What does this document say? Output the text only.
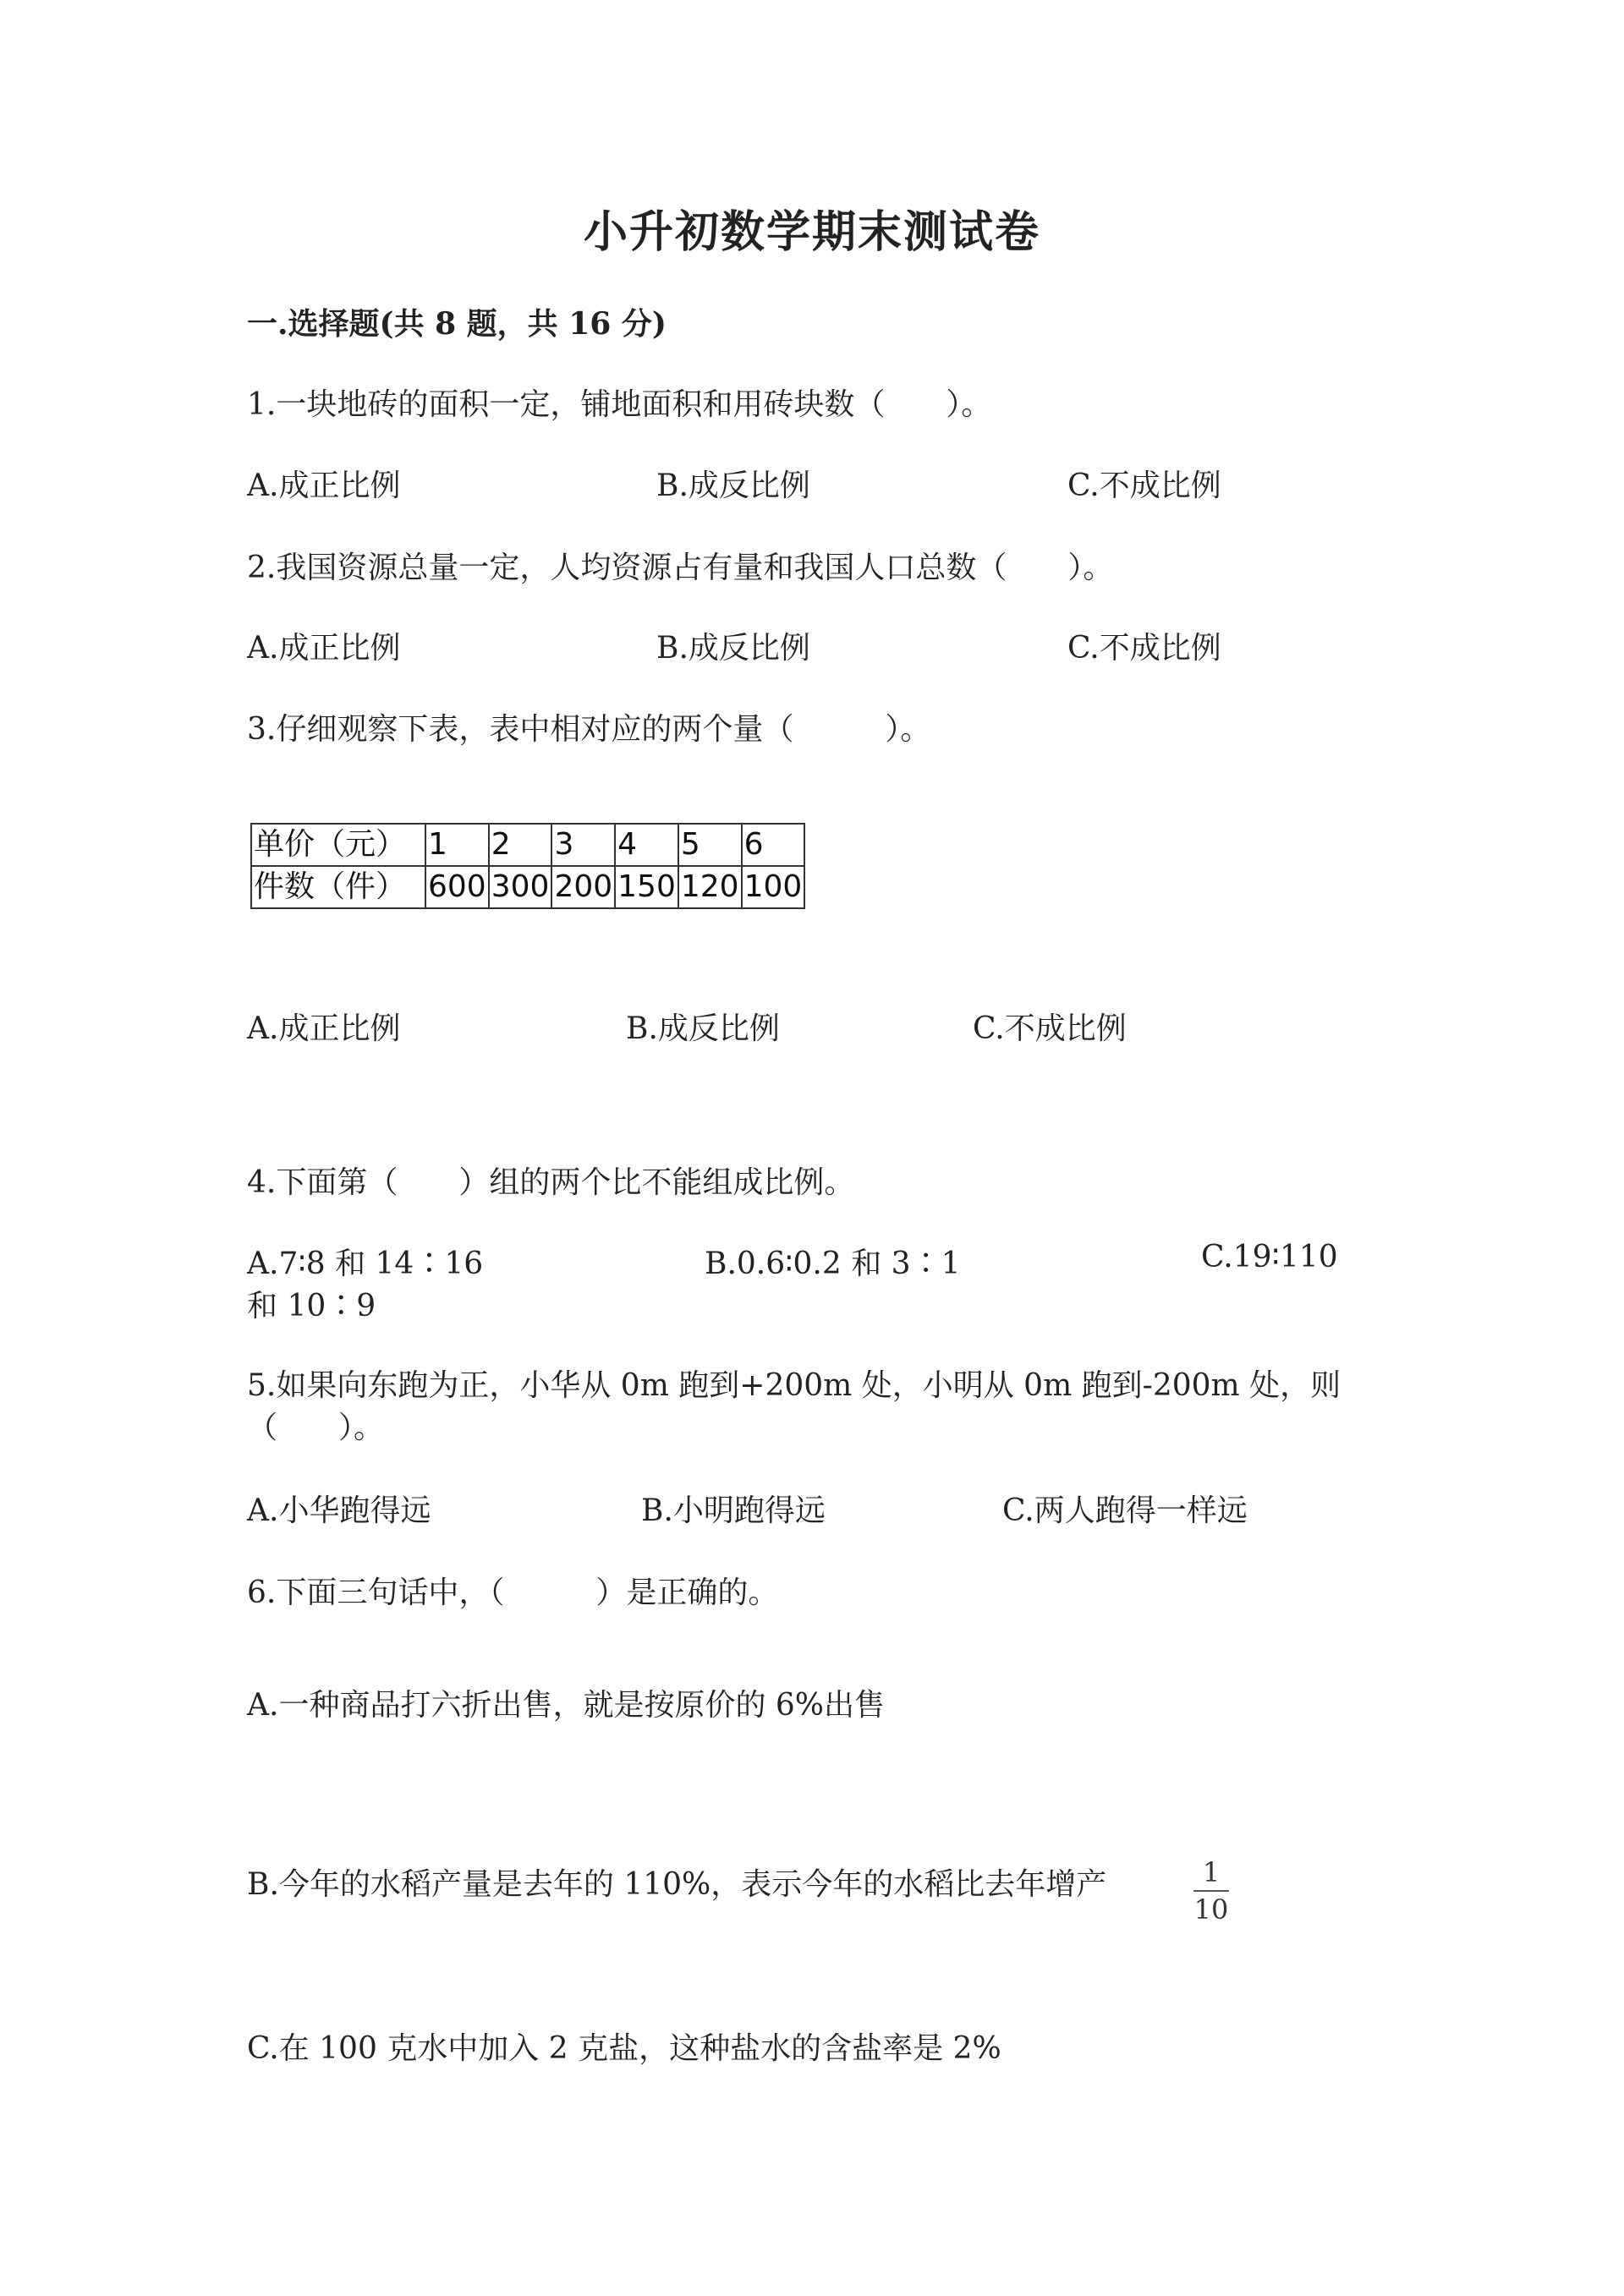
小升初数学期末测试卷
一.选择题(共 8 题，共 16 分)
1.一块地砖的面积一定，铺地面积和用砖块数（　　）。
A.成正比例	B.成反比例	C.不成比例
2.我国资源总量一定，人均资源占有量和我国人口总数（　　）。
A.成正比例	B.成反比例	C.不成比例
3.仔细观察下表，表中相对应的两个量（　　　）。
单价（元）	1	2	3	4	5	6
件数（件）	600	300	200	150	120	100
A.成正比例	B.成反比例	C.不成比例
4.下面第（　　）组的两个比不能组成比例。
A.7∶8 和 14∶16	B.0.6∶0.2 和 3∶1	C.19∶110
和 10∶9
5.如果向东跑为正，小华从 0m 跑到+200m 处，小明从 0m 跑到-200m 处，则
（　　）。
A.小华跑得远	B.小明跑得远	C.两人跑得一样远
6.下面三句话中，（　　　）是正确的。
A.一种商品打六折出售，就是按原价的 6%出售
B.今年的水稻产量是去年的 110%，表示今年的水稻比去年增产	1
10
C.在 100 克水中加入 2 克盐，这种盐水的含盐率是 2%
